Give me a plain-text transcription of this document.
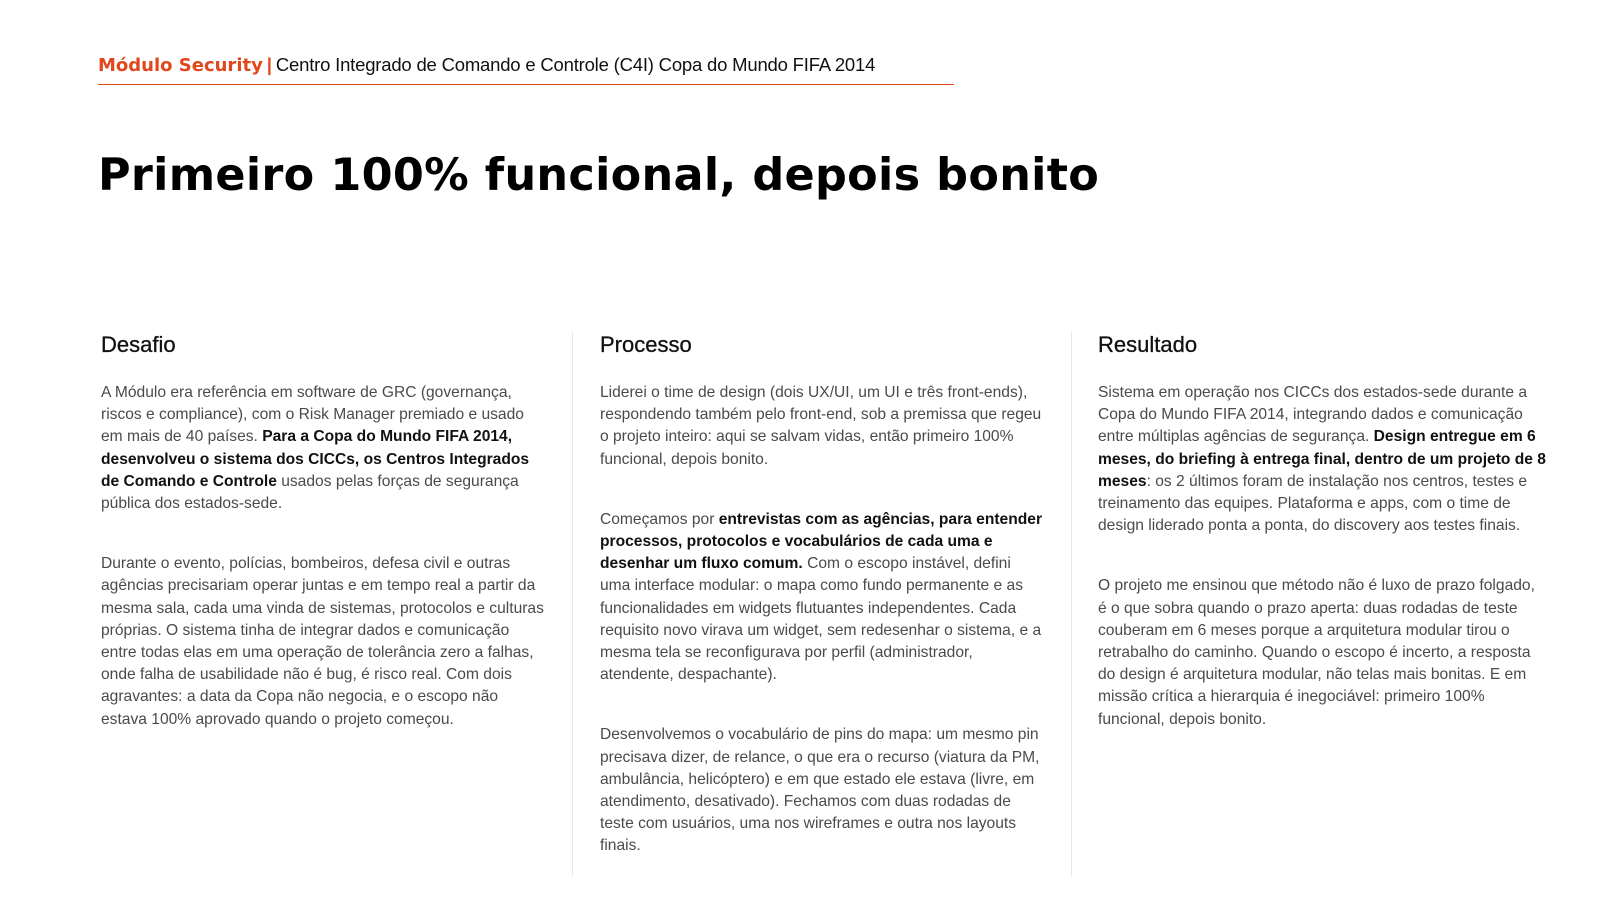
Módulo Security | Centro Integrado de Comando e Controle (C4I) Copa do Mundo FIFA 2014
Primeiro 100% funcional, depois bonito
Desafio

A Módulo era referência em software de GRC (governança, riscos e compliance), com o Risk Manager premiado e usado em mais de 40 países. Para a Copa do Mundo FIFA 2014, desenvolveu o sistema dos CICCs, os Centros Integrados de Comando e Controle usados pelas forças de segurança pública dos estados-sede.

Durante o evento, polícias, bombeiros, defesa civil e outras agências precisariam operar juntas e em tempo real a partir da mesma sala, cada uma vinda de sistemas, protocolos e culturas próprias. O sistema tinha de integrar dados e comunicação entre todas elas em uma operação de tolerância zero a falhas, onde falha de usabilidade não é bug, é risco real. Com dois agravantes: a data da Copa não negocia, e o escopo não estava 100% aprovado quando o projeto começou.

Processo

Liderei o time de design (dois UX/UI, um UI e três front-ends), respondendo também pelo front-end, sob a premissa que regeu o projeto inteiro: aqui se salvam vidas, então primeiro 100% funcional, depois bonito.

Começamos por entrevistas com as agências, para entender processos, protocolos e vocabulários de cada uma e desenhar um fluxo comum. Com o escopo instável, defini uma interface modular: o mapa como fundo permanente e as funcionalidades em widgets flutuantes independentes. Cada requisito novo virava um widget, sem redesenhar o sistema, e a mesma tela se reconfigurava por perfil (administrador, atendente, despachante).

Desenvolvemos o vocabulário de pins do mapa: um mesmo pin precisava dizer, de relance, o que era o recurso (viatura da PM, ambulância, helicóptero) e em que estado ele estava (livre, em atendimento, desativado). Fechamos com duas rodadas de teste com usuários, uma nos wireframes e outra nos layouts finais.

Resultado

Sistema em operação nos CICCs dos estados-sede durante a Copa do Mundo FIFA 2014, integrando dados e comunicação entre múltiplas agências de segurança. Design entregue em 6 meses, do briefing à entrega final, dentro de um projeto de 8 meses: os 2 últimos foram de instalação nos centros, testes e treinamento das equipes. Plataforma e apps, com o time de design liderado ponta a ponta, do discovery aos testes finais.

O projeto me ensinou que método não é luxo de prazo folgado, é o que sobra quando o prazo aperta: duas rodadas de teste couberam em 6 meses porque a arquitetura modular tirou o retrabalho do caminho. Quando o escopo é incerto, a resposta do design é arquitetura modular, não telas mais bonitas. E em missão crítica a hierarquia é inegociável: primeiro 100% funcional, depois bonito.
